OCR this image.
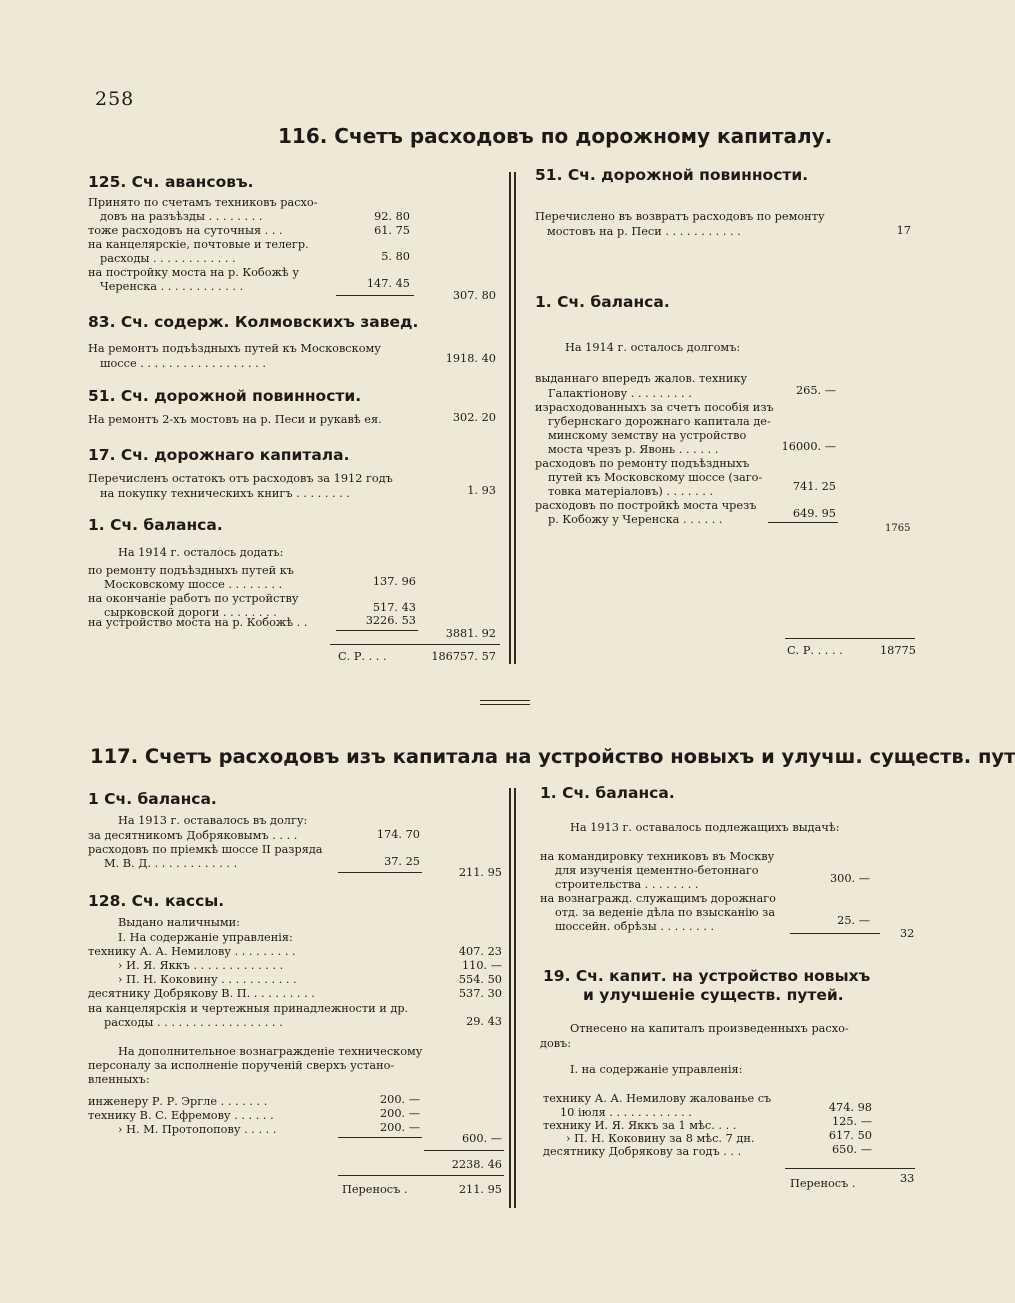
258
116. Счетъ расходовъ по дорожному капиталу.
125. Сч. авансовъ.
Принято по счетамъ техниковъ расхо-
довъ на разъѣзды . . . . . . . .	92. 80
тоже расходовъ на суточныя . . .	61. 75
на канцелярскіе, почтовые и телегр.
расходы . . . . . . . . . . . .	5. 80
на постройку моста на р. Кобожѣ у
Черенска . . . . . . . . . . . .	147. 45
307. 80
83. Сч. содерж. Колмовскихъ завед.
На ремонтъ подъѣздныхъ путей къ Московскому
шоссе . . . . . . . . . . . . . . . . . .	1918. 40
51. Сч. дорожной повинности.
На ремонтъ 2-хъ мостовъ на р. Песи и рукавѣ ея.	302. 20
17. Сч. дорожнаго капитала.
Перечисленъ остатокъ отъ расходовъ за 1912 годъ
на покупку техническихъ книгъ . . . . . . . .	1. 93
1. Сч. баланса.
На 1914 г. осталось додать:
по ремонту подъѣздныхъ путей къ
Московскому шоссе . . . . . . . .	137. 96
на окончаніе работъ по устройству
сырковской дороги . . . . . . . .	517. 43
на устройство моста на р. Кобожѣ . .	3226. 53
3881. 92
С. Р. . . .	186757. 57
51. Сч. дорожной повинности.
Перечислено въ возвратъ расходовъ по ремонту
мостовъ на р. Песи . . . . . . . . . . .	17
1. Сч. баланса.
На 1914 г. осталось долгомъ:
выданнаго впередъ жалов. технику
Галактіонову . . . . . . . . .	265. —
израсходованныхъ за счетъ пособія изъ
губернскаго дорожнаго капитала де-
минскому земству на устройство
моста чрезъ р. Явонь . . . . . .	16000. —
расходовъ по ремонту подъѣздныхъ
путей къ Московскому шоссе (заго-
товка матеріаловъ) . . . . . . .	741. 25
расходовъ по постройкѣ моста чрезъ
р. Кобожу у Черенска . . . . . .	649. 95
1765
С. Р. . . . .	18775
117. Счетъ расходовъ изъ капитала на устройство новыхъ и улучш. существ. пут
1 Сч. баланса.
На 1913 г. оставалось въ долгу:
за десятникомъ Добряковымъ . . . .	174. 70
расходовъ по пріемкѣ шоссе II разряда
М. В. Д. . . . . . . . . . . . .	37. 25
211. 95
128. Сч. кассы.
Выдано наличными:
I. На содержаніе управленія:
технику А. А. Немилову . . . . . . . . .	407. 23
› И. Я. Яккъ . . . . . . . . . . . . .	110. —
› П. Н. Коковину . . . . . . . . . . .	554. 50
десятнику Добрякову В. П. . . . . . . . . .	537. 30
на канцелярскія и чертежныя принадлежности и др.
расходы . . . . . . . . . . . . . . . . . .	29. 43
На дополнительное вознагражденіе техническому
персоналу за исполненіе порученій сверхъ устано-
вленныхъ:
инженеру Р. Р. Эргле . . . . . . .	200. —
технику В. С. Ефремову . . . . . .	200. —
› Н. М. Протопопову . . . . .	200. —
600. —
2238. 46
Переносъ .	211. 95
1. Сч. баланса.
На 1913 г. оставалось подлежащихъ выдачѣ:
на командировку техниковъ въ Москву
для изученія цементно-бетоннаго
строительства . . . . . . . .	300. —
на вознагражд. служащимъ дорожнаго
отд. за веденіе дѣла по взысканію за
шоссейн. обрѣзы . . . . . . . .	25. —
32
19. Сч. капит. на устройство новыхъ
и улучшеніе существ. путей.
Отнесено на капиталъ произведенныхъ расхо-
довъ:
I. на содержаніе управленія:
технику А. А. Немилову жалованье съ
10 іюля . . . . . . . . . . . .	474. 98
технику И. Я. Яккъ за 1 мѣс. . . .	125. —
› П. Н. Коковину за 8 мѣс. 7 дн.	617. 50
десятнику Добрякову за годъ . . .	650. —
Переносъ .	33
